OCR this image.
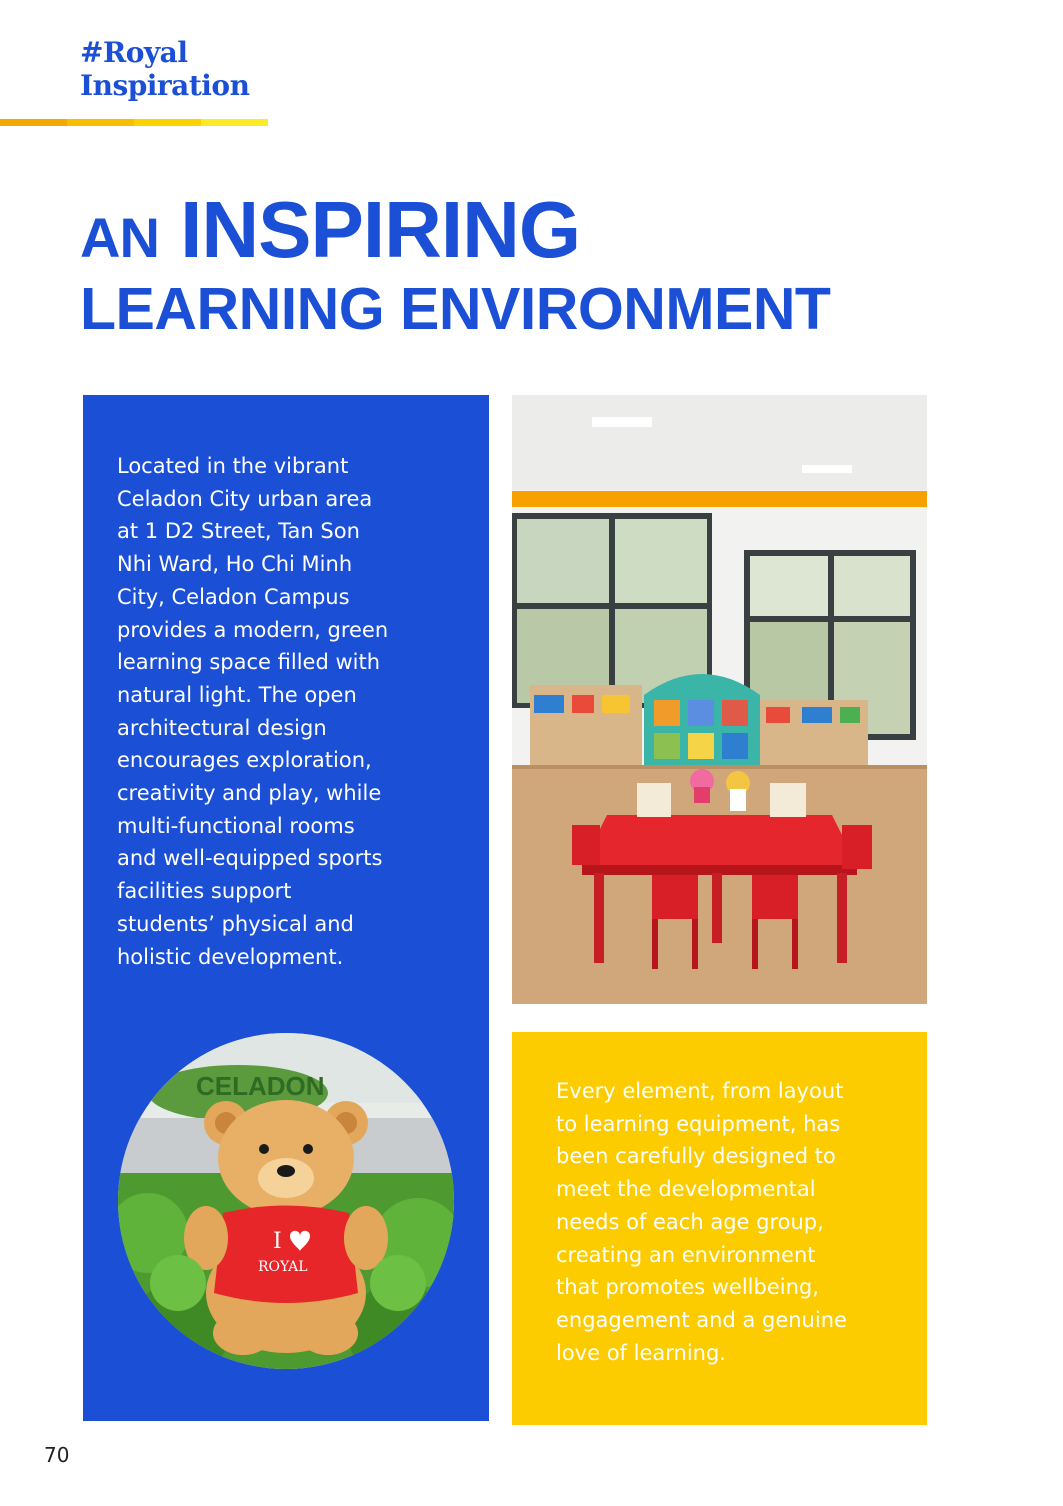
#Royal
Inspiration
AN INSPIRING
LEARNING ENVIRONMENT
Located in the vibrant
Celadon City urban area
at 1 D2 Street, Tan Son
Nhi Ward, Ho Chi Minh
City, Celadon Campus
provides a modern, green
learning space filled with
natural light. The open
architectural design
encourages exploration,
creativity and play, while
multi-functional rooms
and well-equipped sports
facilities support
students’ physical and
holistic development.
CELADON
I
ROYAL
Every element, from layout
to learning equipment, has
been carefully designed to
meet the developmental
needs of each age group,
creating an environment
that promotes wellbeing,
engagement and a genuine
love of learning.
70
